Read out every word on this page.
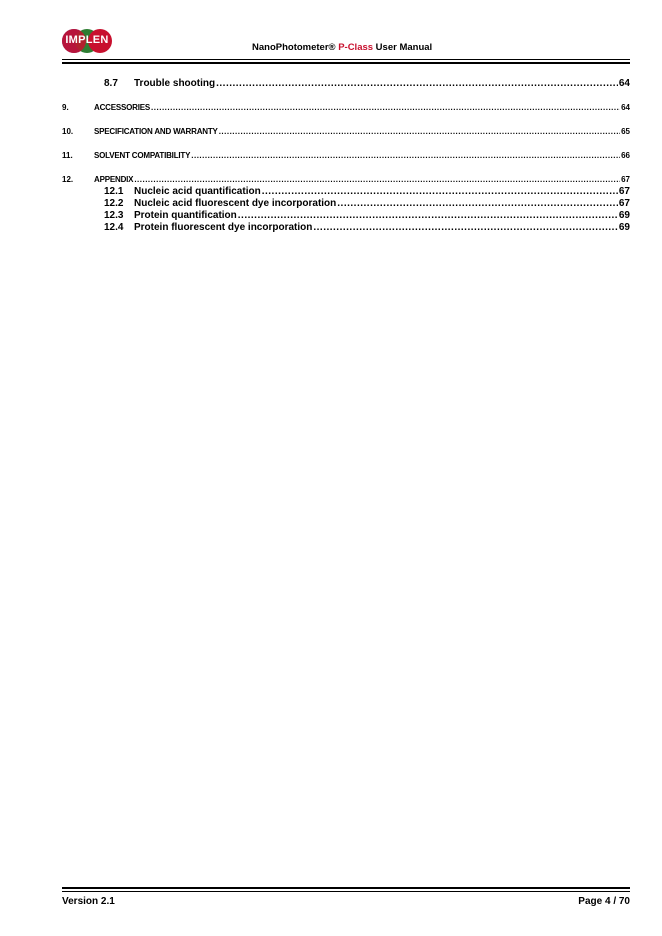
IMPLEN
NanoPhotometer® P-Class User Manual
8.7	Trouble shooting .....	64
9.	ACCESSORIES .....	64
10.	SPECIFICATION AND WARRANTY .....	65
11.	SOLVENT COMPATIBILITY .....	66
12.	APPENDIX .....	67
12.1	Nucleic acid quantification .....	67
12.2	Nucleic acid fluorescent dye incorporation .....	67
12.3	Protein quantification .....	69
12.4	Protein fluorescent dye incorporation .....	69
Version 2.1	Page 4 / 70
